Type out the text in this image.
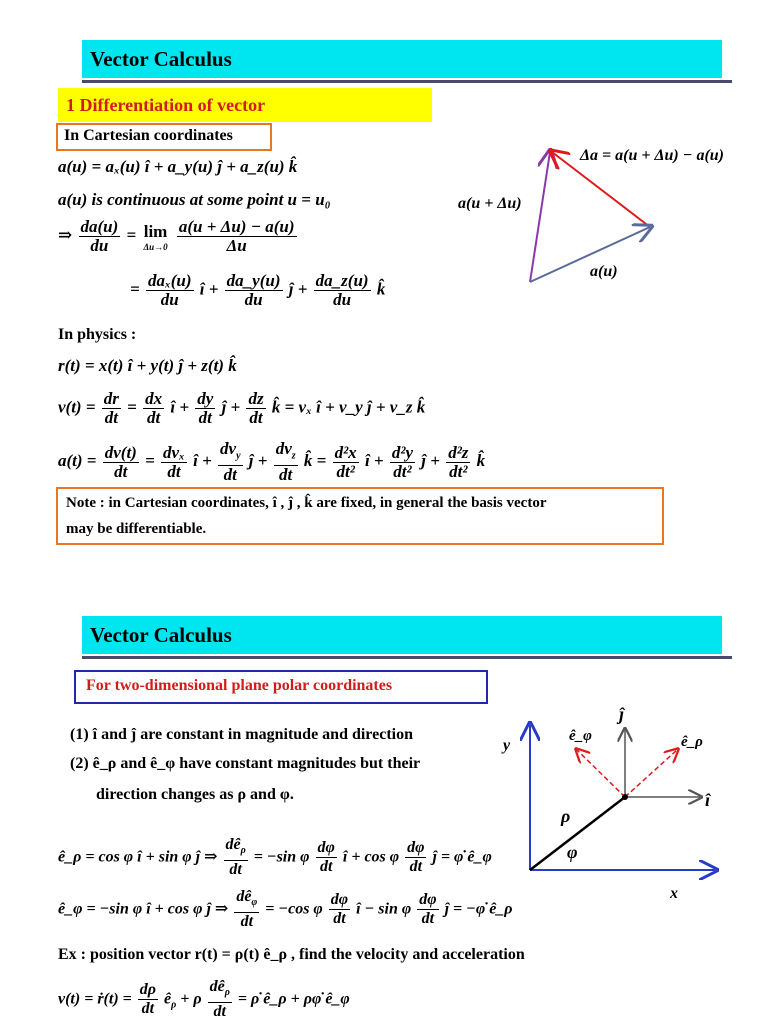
Vector Calculus
1 Differentiation of vector
In Cartesian coordinates
a(u) = aₓ(u) î + a_y(u) ĵ + a_z(u) k̂
a(u) is continuous at some point u = u₀
⇒ $\frac{da(u)}{du} = \lim$
Δu→0
$\frac{a(u + \Delta u) - a(u)}{\Delta u}$
= $\frac{\text{daₓ(u)}}{du}$ î + $\frac{da\_y(u)}{du}$ ĵ + $\frac{da\_z(u)}{du}$ k̂
In physics :
r(t) = x(t) î + y(t) ĵ + z(t) k̂
$v(t) = \frac{dr}{dt} = \frac{dx}{dt}$ î + $\frac{dy}{dt}$ ĵ + $\frac{dz}{dt}$ k̂ = vₓ î + v_y ĵ + v_z k̂
$a(t) = \frac{dv(t)}{dt} = \frac{\text{dvₓ}}{dt}$ î + $\frac{dv_y}{dt}$ ĵ + $\frac{dv_z}{dt}$ k̂ = $\frac{\text{d²x}}{\text{dt²}}$ î + $\frac{\text{d²y}}{\text{dt²}}$ ĵ + $\frac{\text{d²z}}{\text{dt²}}$ k̂
Note : in Cartesian coordinates, î , ĵ , k̂ are fixed, in general the basis vector
may be differentiable.
Δa = a(u + Δu) − a(u)
a(u + Δu)
a(u)
Vector Calculus
For two-dimensional plane polar coordinates
(1) î and ĵ are constant in magnitude and direction
(2) ê_ρ and ê_φ have constant magnitudes but their
direction changes as ρ and φ.
ê_ρ = cos φ î + sin φ ĵ ⇒ $\frac{dê_\rho}{dt} = -\sin$ φ $\frac{d\varphi}{dt}$ î + cos φ $\frac{d\varphi}{dt}$ ĵ = φ̇ ê_φ
ê_φ = −sin φ î + cos φ ĵ ⇒ $\frac{dê_\varphi}{dt} = -\cos$ φ $\frac{d\varphi}{dt}$ î − sin φ $\frac{d\varphi}{dt}$ ĵ = −φ̇ ê_ρ
Ex : position vector r(t) = ρ(t) ê_ρ , find the velocity and acceleration
v(t) = ṙ(t) = $\frac{d\rho}{dt}$ $ê_\rho + \rho \frac{dê_\rho}{dt}$ = ρ̇ ê_ρ + ρφ̇ ê_φ
y
x
ĵ
î
ê_φ	ê_ρ
ρ
φ
